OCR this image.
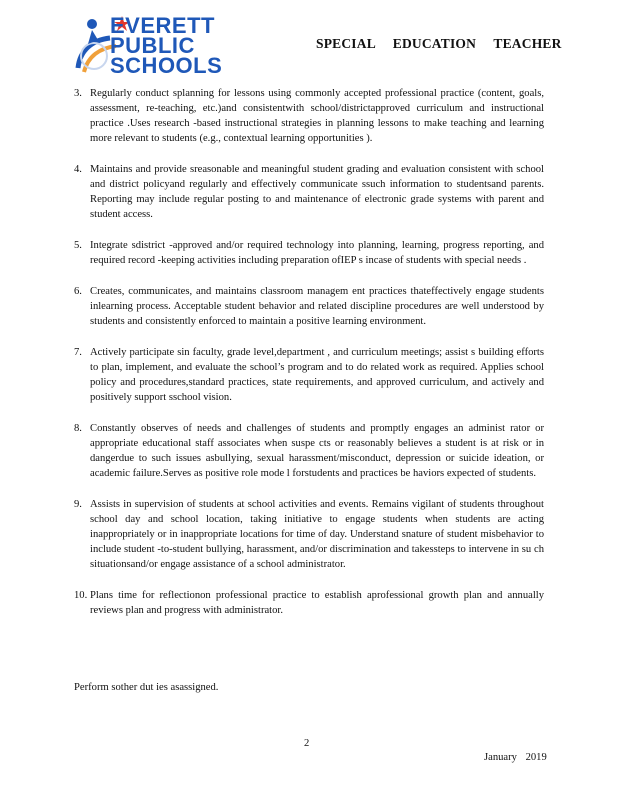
EVERETT
PUBLIC
SCHOOLS
SPECIAL EDUCATION TEACHER
3. Regularly conduct splanning for lessons using commonly accepted professional practice (content, goals, assessment, re-teaching, etc.)and consistentwith school/districtapproved curriculum and instructional practice .Uses research -based instructional strategies in planning lessons to make teaching and learning more relevant to students (e.g., contextual learning opportunities ).
4. Maintains and provide sreasonable and meaningful student grading and evaluation consistent with school and district policyand regularly and effectively communicate ssuch information to studentsand parents. Reporting may include regular posting to and maintenance of electronic grade systems with parent and student access.
5. Integrate sdistrict -approved and/or required technology into planning, learning, progress reporting, and required record -keeping activities including preparation ofIEP s incase of students with special needs .
6. Creates, communicates, and maintains classroom managem ent practices thateffectively engage students inlearning process. Acceptable student behavior and related discipline procedures are well understood by students and consistently enforced to maintain a positive learning environment.
7. Actively participate sin faculty, grade level,department , and curriculum meetings; assist s building efforts to plan, implement, and evaluate the school’s program and to do related work as required. Applies school policy and procedures,standard practices, state requirements, and approved curriculum, and actively and positively support sschool vision.
8. Constantly observes of needs and challenges of students and promptly engages an administ rator or appropriate educational staff associates when suspe cts or reasonably believes a student is at risk or in dangerdue to such issues asbullying, sexual harassment/misconduct, depression or suicide ideation, or academic failure.Serves as positive role mode l forstudents and practices be haviors expected of students.
9. Assists in supervision of students at school activities and events. Remains vigilant of students throughout school day and school location, taking initiative to engage students when students are acting inappropriately or in inappropriate locations for time of day. Understand snature of student misbehavior to include student -to-student bullying, harassment, and/or discrimination and takessteps to intervene in su ch situationsand/or engage assistance of a school administrator.
10. Plans time for reflectionon professional practice to establish aprofessional growth plan and annually reviews plan and progress with administrator.
Perform sother dut ies asassigned.
2
January 2019
